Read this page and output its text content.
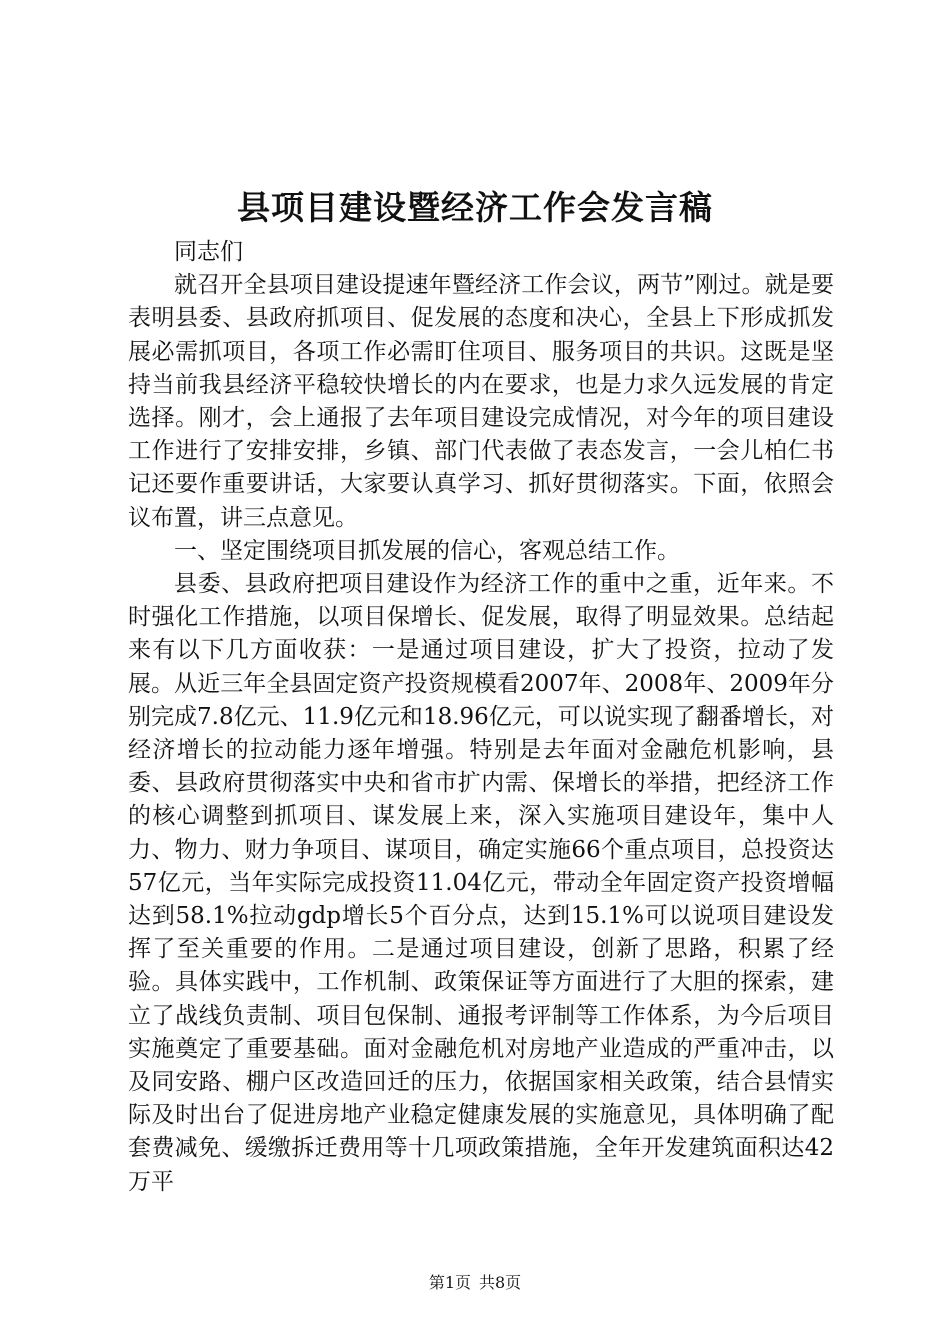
县项目建设暨经济工作会发言稿

同志们

就召开全县项目建设提速年暨经济工作会议，两节”刚过。就是要表明县委、县政府抓项目、促发展的态度和决心，全县上下形成抓发展必需抓项目，各项工作必需盯住项目、服务项目的共识。这既是坚持当前我县经济平稳较快增长的内在要求，也是力求久远发展的肯定选择。刚才，会上通报了去年项目建设完成情况，对今年的项目建设工作进行了安排安排，乡镇、部门代表做了表态发言，一会儿柏仁书记还要作重要讲话，大家要认真学习、抓好贯彻落实。下面，依照会议布置，讲三点意见。

一、坚定围绕项目抓发展的信心，客观总结工作。

县委、县政府把项目建设作为经济工作的重中之重，近年来。不时强化工作措施，以项目保增长、促发展，取得了明显效果。总结起来有以下几方面收获：一是通过项目建设，扩大了投资，拉动了发展。从近三年全县固定资产投资规模看2007年、2008年、2009年分别完成7.8亿元、11.9亿元和18.96亿元，可以说实现了翻番增长，对经济增长的拉动能力逐年增强。特别是去年面对金融危机影响，县委、县政府贯彻落实中央和省市扩内需、保增长的举措，把经济工作的核心调整到抓项目、谋发展上来，深入实施项目建设年，集中人力、物力、财力争项目、谋项目，确定实施66个重点项目，总投资达57亿元，当年实际完成投资11.04亿元，带动全年固定资产投资增幅达到58.1%拉动gdp增长5个百分点，达到15.1%可以说项目建设发挥了至关重要的作用。二是通过项目建设，创新了思路，积累了经验。具体实践中，工作机制、政策保证等方面进行了大胆的探索，建立了战线负责制、项目包保制、通报考评制等工作体系，为今后项目实施奠定了重要基础。面对金融危机对房地产业造成的严重冲击，以及同安路、棚户区改造回迁的压力，依据国家相关政策，结合县情实际及时出台了促进房地产业稳定健康发展的实施意见，具体明确了配套费减免、缓缴拆迁费用等十几项政策措施，全年开发建筑面积达42万平

第1页 共8页
